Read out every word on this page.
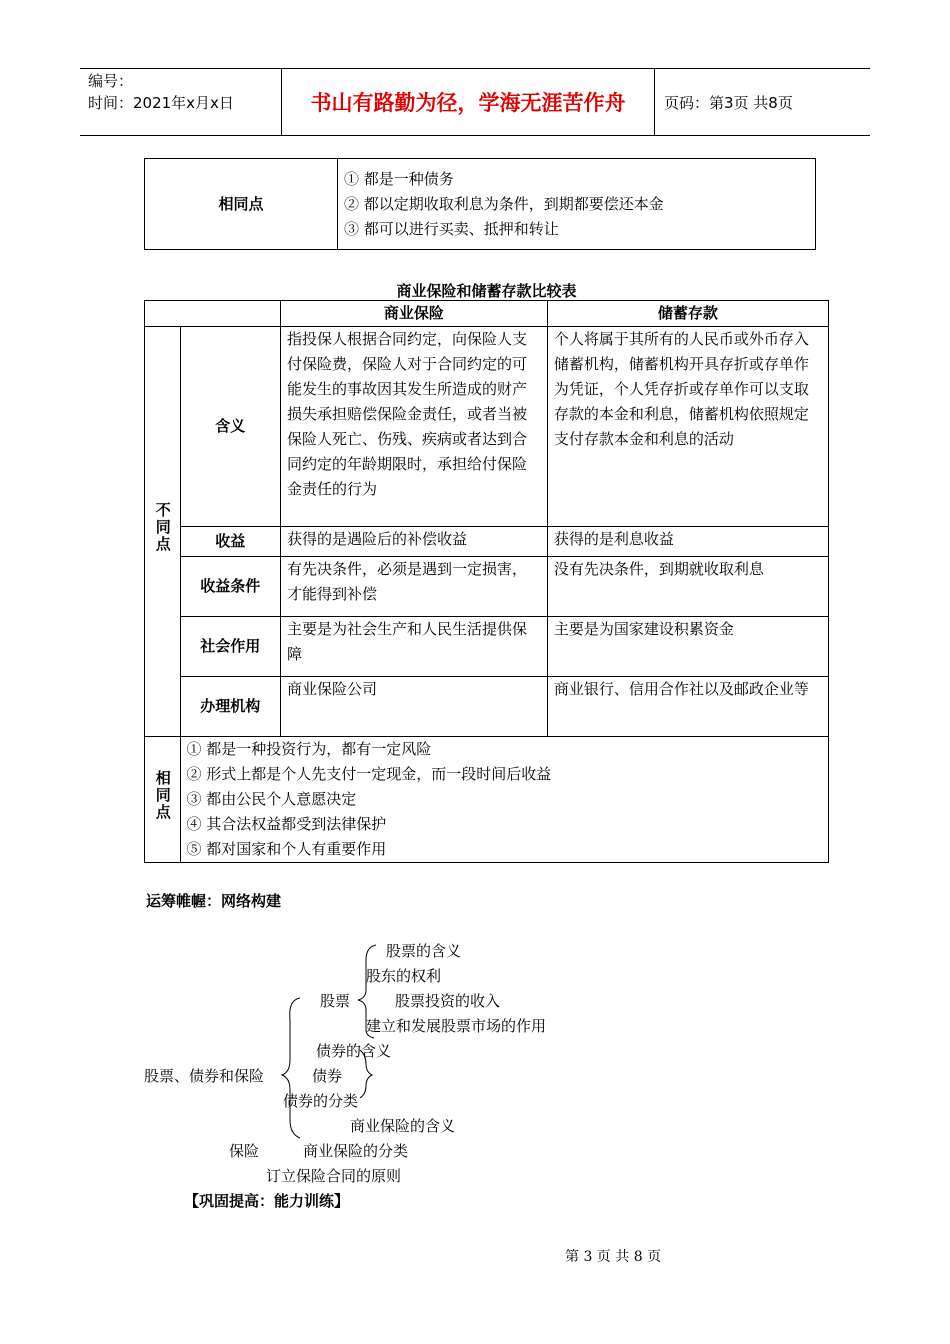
编号：
时间：2021年x月x日	书山有路勤为径，学海无涯苦作舟	页码：第3页 共8页
相同点	
① 都是一种债务
② 都以定期收取利息为条件，到期都要偿还本金
③ 都可以进行买卖、抵押和转让
商业保险和储蓄存款比较表
		商业保险	储蓄存款
不同点	含义	指投保人根据合同约定，向保险人支付保险费，保险人对于合同约定的可能发生的事故因其发生所造成的财产损失承担赔偿保险金责任，或者当被保险人死亡、伤残、疾病或者达到合同约定的年龄期限时，承担给付保险金责任的行为	个人将属于其所有的人民币或外币存入储蓄机构，储蓄机构开具存折或存单作为凭证，个人凭存折或存单作可以支取存款的本金和利息，储蓄机构依照规定支付存款本金和利息的活动
	收益	获得的是遇险后的补偿收益	获得的是利息收益
	收益条件	有先决条件，必须是遇到一定损害，才能得到补偿	没有先决条件，到期就收取利息
	社会作用	主要是为社会生产和人民生活提供保障	主要是为国家建设积累资金
	办理机构	商业保险公司	商业银行、信用合作社以及邮政企业等
相同点	① 都是一种投资行为，都有一定风险
② 形式上都是个人先支付一定现金，而一段时间后收益
③ 都由公民个人意愿决定
④ 其合法权益都受到法律保护
⑤ 都对国家和个人有重要作用		
运筹帷幄：网络构建
股票的含义
股东的权利
股票	股票投资的收入
建立和发展股票市场的作用
债券的含义
股票、债券和保险	债券
债券的分类
商业保险的含义
保险	商业保险的分类
订立保险合同的原则
【巩固提高：能力训练】
第 3 页 共 8 页
